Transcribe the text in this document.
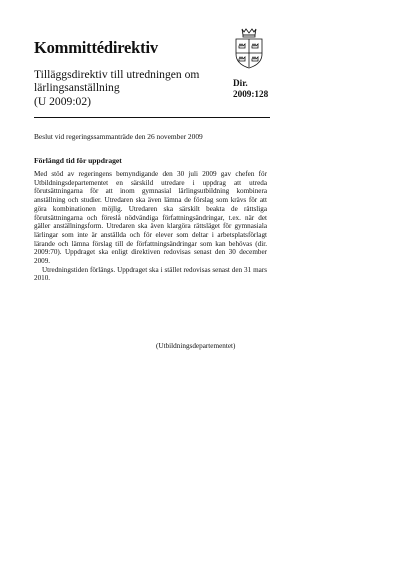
Kommittédirektiv
Tilläggsdirektiv till utredningen om
lärlingsanställning
(U 2009:02)
Dir.
2009:128
Beslut vid regeringssammanträde den 26 november 2009
Förlängd tid för uppdraget

Med stöd av regeringens bemyndigande den 30 juli 2009 gav chefen för Utbildningsdepartementet en särskild utredare i uppdrag att utreda förutsättningarna för att inom gymnasial lärlingsutbildning kombinera anställning och studier. Utredaren ska även lämna de förslag som krävs för att göra kombinationen möjlig. Utredaren ska särskilt beakta de rättsliga förutsättningarna och föreslå nödvändiga författningsändringar, t.ex. när det gäller anställningsform. Utredaren ska även klargöra rättsläget för gymnasiala lärlingar som inte är anställda och för elever som deltar i arbetsplatsförlagt lärande och lämna förslag till de författningsändringar som kan behövas (dir. 2009:70). Uppdraget ska enligt direktiven redovisas senast den 30 december 2009.

Utredningstiden förlängs. Uppdraget ska i stället redovisas senast den 31 mars 2010.

(Utbildningsdepartementet)
